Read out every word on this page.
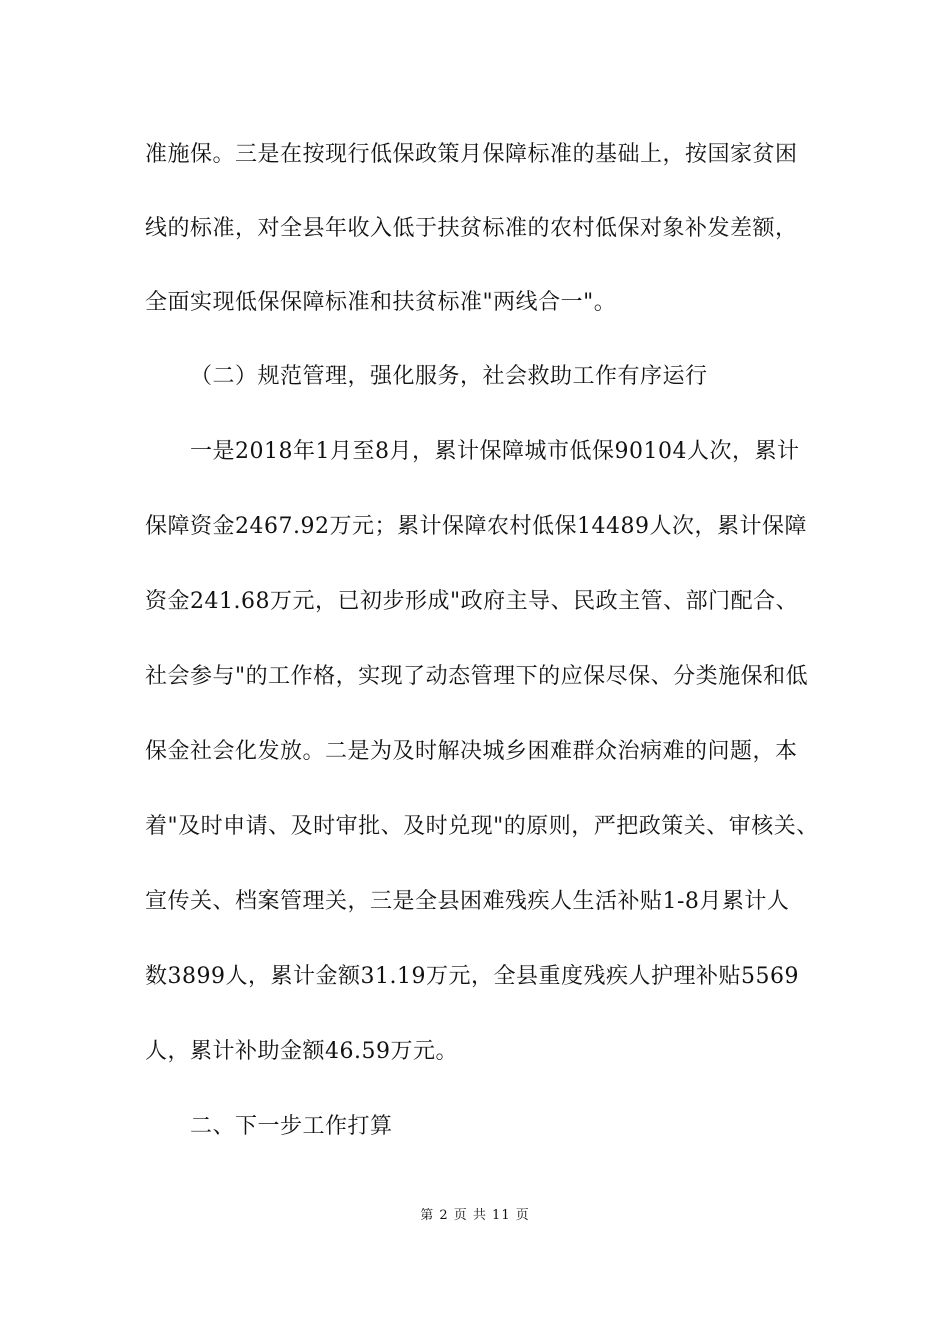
准施保。三是在按现行低保政策月保障标准的基础上，按国家贫困
线的标准，对全县年收入低于扶贫标准的农村低保对象补发差额，
全面实现低保保障标准和扶贫标准"两线合一"。
（二）规范管理，强化服务，社会救助工作有序运行
一是2018年1月至8月，累计保障城市低保90104人次，累计
保障资金2467.92万元；累计保障农村低保14489人次，累计保障
资金241.68万元，已初步形成"政府主导、民政主管、部门配合、
社会参与"的工作格，实现了动态管理下的应保尽保、分类施保和低
保金社会化发放。二是为及时解决城乡困难群众治病难的问题，本
着"及时申请、及时审批、及时兑现"的原则，严把政策关、审核关、
宣传关、档案管理关，三是全县困难残疾人生活补贴1-8月累计人
数3899人，累计金额31.19万元，全县重度残疾人护理补贴5569
人，累计补助金额46.59万元。
二、下一步工作打算
第 2 页 共 11 页
